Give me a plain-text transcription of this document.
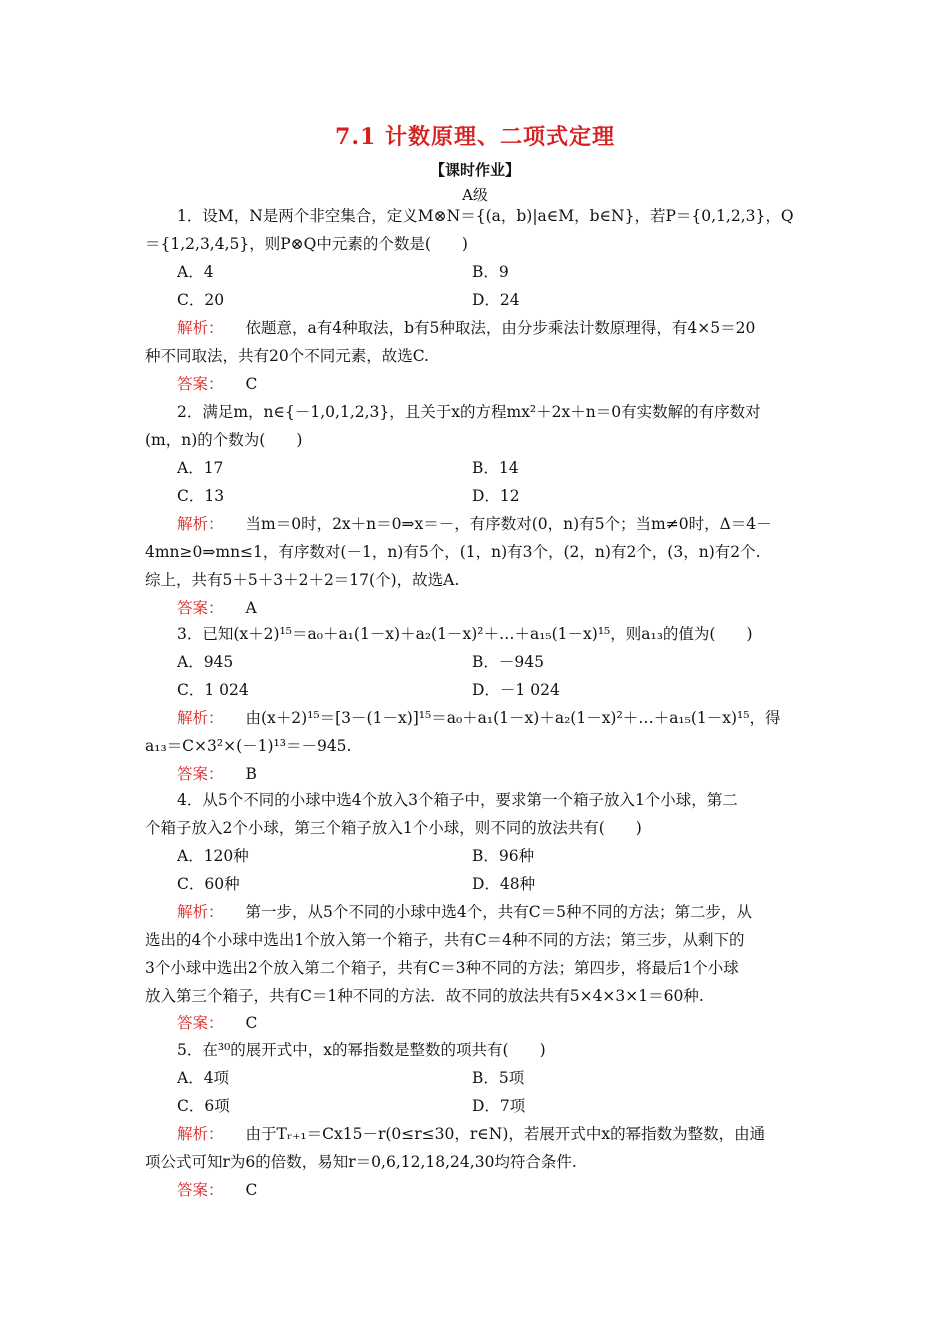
7.1 计数原理、二项式定理
【课时作业】
A级
1．设M，N是两个非空集合，定义M⊗N＝{(a，b)|a∈M，b∈N}，若P＝{0,1,2,3}，Q
＝{1,2,3,4,5}，则P⊗Q中元素的个数是(　　)
A．4	B．9
C．20	D．24
解析： 依题意，a有4种取法，b有5种取法，由分步乘法计数原理得，有4×5＝20
种不同取法，共有20个不同元素，故选C.
答案： C
2．满足m，n∈{－1,0,1,2,3}，且关于x的方程mx²＋2x＋n＝0有实数解的有序数对
(m，n)的个数为(　　)
A．17	B．14
C．13	D．12
解析： 当m＝0时，2x＋n＝0⇒x＝－，有序数对(0，n)有5个；当m≠0时，Δ＝4－
4mn≥0⇒mn≤1，有序数对(－1，n)有5个，(1，n)有3个，(2，n)有2个，(3，n)有2个.
综上，共有5＋5＋3＋2＋2＝17(个)，故选A.
答案： A
3．已知(x＋2)¹⁵＝a₀＋a₁(1－x)＋a₂(1－x)²＋…＋a₁₅(1－x)¹⁵，则a₁₃的值为(　　)
A．945	B．－945
C．1 024	D．－1 024
解析： 由(x＋2)¹⁵＝[3－(1－x)]¹⁵＝a₀＋a₁(1－x)＋a₂(1－x)²＋…＋a₁₅(1－x)¹⁵，得
a₁₃＝C×3²×(－1)¹³＝－945.
答案： B
4．从5个不同的小球中选4个放入3个箱子中，要求第一个箱子放入1个小球，第二
个箱子放入2个小球，第三个箱子放入1个小球，则不同的放法共有(　　)
A．120种	B．96种
C．60种	D．48种
解析： 第一步，从5个不同的小球中选4个，共有C＝5种不同的方法；第二步，从
选出的4个小球中选出1个放入第一个箱子，共有C＝4种不同的方法；第三步，从剩下的
3个小球中选出2个放入第二个箱子，共有C＝3种不同的方法；第四步，将最后1个小球
放入第三个箱子，共有C＝1种不同的方法．故不同的放法共有5×4×3×1＝60种.
答案： C
5．在³⁰的展开式中，x的幂指数是整数的项共有(　　)
A．4项	B．5项
C．6项	D．7项
解析： 由于Tᵣ₊₁＝Cx15－r(0≤r≤30，r∈N)，若展开式中x的幂指数为整数，由通
项公式可知r为6的倍数，易知r＝0,6,12,18,24,30均符合条件.
答案： C
